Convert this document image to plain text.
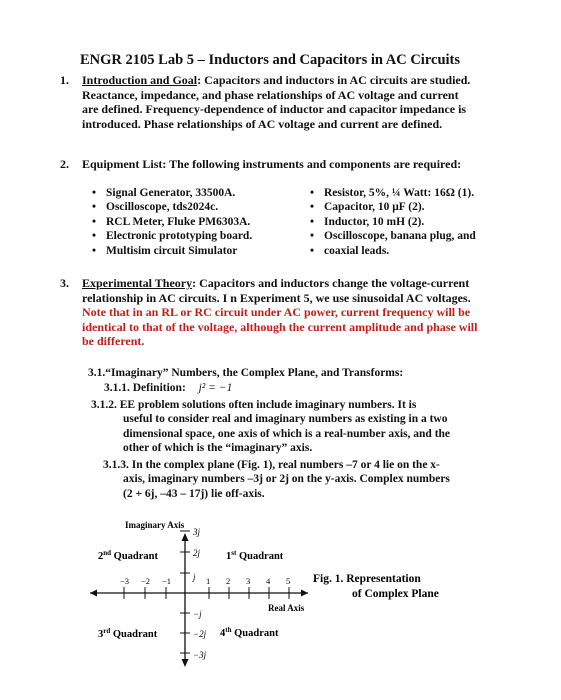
ENGR 2105 Lab 5 – Inductors and Capacitors in AC Circuits
1. Introduction and Goal: Capacitors and inductors in AC circuits are studied.
Reactance, impedance, and phase relationships of AC voltage and current
are defined. Frequency-dependence of inductor and capacitor impedance is
introduced. Phase relationships of AC voltage and current are defined.
2.	Equipment List: The following instruments and components are required:
• Signal Generator, 33500A.
• Oscilloscope, tds2024c.
• RCL Meter, Fluke PM6303A.
• Electronic prototyping board.
• Multisim circuit Simulator
• Resistor, 5%, ¼ Watt: 16Ω (1).
• Capacitor, 10 μF (2).
• Inductor, 10 mH (2).
• Oscilloscope, banana plug, and
• coaxial leads.
3. Experimental Theory: Capacitors and inductors change the voltage-current
relationship in AC circuits. I n Experiment 5, we use sinusoidal AC voltages.
Note that in an RL or RC circuit under AC power, current frequency will be
identical to that of the voltage, although the current amplitude and phase will
be different.
3.1.“Imaginary” Numbers, the Complex Plane, and Transforms:
3.1.1. Definition: j² = −1
3.1.2. EE problem solutions often include imaginary numbers. It is
useful to consider real and imaginary numbers as existing in a two
dimensional space, one axis of which is a real-number axis, and the
other of which is the “imaginary” axis.
3.1.3. In the complex plane (Fig. 1), real numbers –7 or 4 lie on the x-
axis, imaginary numbers –3j or 2j on the y-axis. Complex numbers
(2 + 6j, –43 – 17j) lie off-axis.
3j
2j
j
−j
−2j
−3j
−3 −2 −1	1 2 3 4 5
Imaginary Axis
Real Axis
2nd Quadrant	1st Quadrant
3rd Quadrant	4th Quadrant
Fig. 1. Representation
of Complex Plane
